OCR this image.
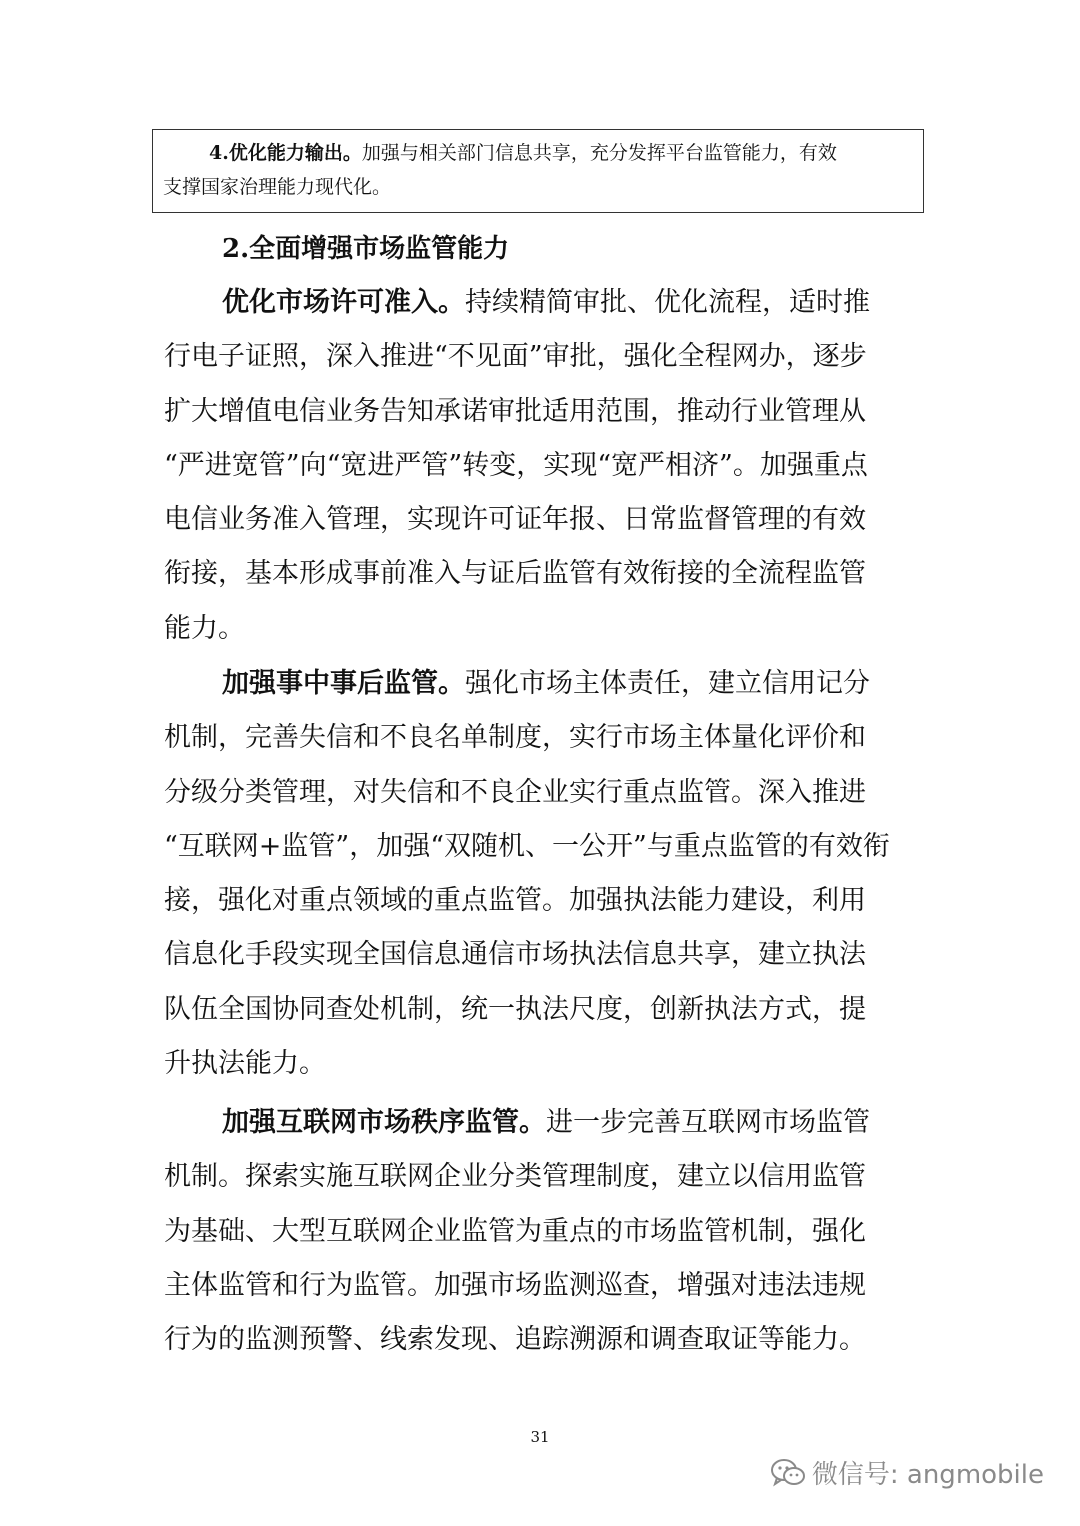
4.优化能力输出。加强与相关部门信息共享，充分发挥平台监管能力，有效

支撑国家治理能力现代化。

2.全面增强市场监管能力
优化市场许可准入。持续精简审批、优化流程，适时推
行电子证照，深入推进“不见面”审批，强化全程网办，逐步
扩大增值电信业务告知承诺审批适用范围，推动行业管理从
“严进宽管”向“宽进严管”转变，实现“宽严相济”。加强重点
电信业务准入管理，实现许可证年报、日常监督管理的有效
衔接，基本形成事前准入与证后监管有效衔接的全流程监管
能力。
加强事中事后监管。强化市场主体责任，建立信用记分
机制，完善失信和不良名单制度，实行市场主体量化评价和
分级分类管理，对失信和不良企业实行重点监管。深入推进
“互联网+监管”，加强“双随机、一公开”与重点监管的有效衔
接，强化对重点领域的重点监管。加强执法能力建设，利用
信息化手段实现全国信息通信市场执法信息共享，建立执法
队伍全国协同查处机制，统一执法尺度，创新执法方式，提
升执法能力。
加强互联网市场秩序监管。进一步完善互联网市场监管
机制。探索实施互联网企业分类管理制度，建立以信用监管
为基础、大型互联网企业监管为重点的市场监管机制，强化
主体监管和行为监管。加强市场监测巡查，增强对违法违规
行为的监测预警、线索发现、追踪溯源和调查取证等能力。
31
微信号: angmobile
